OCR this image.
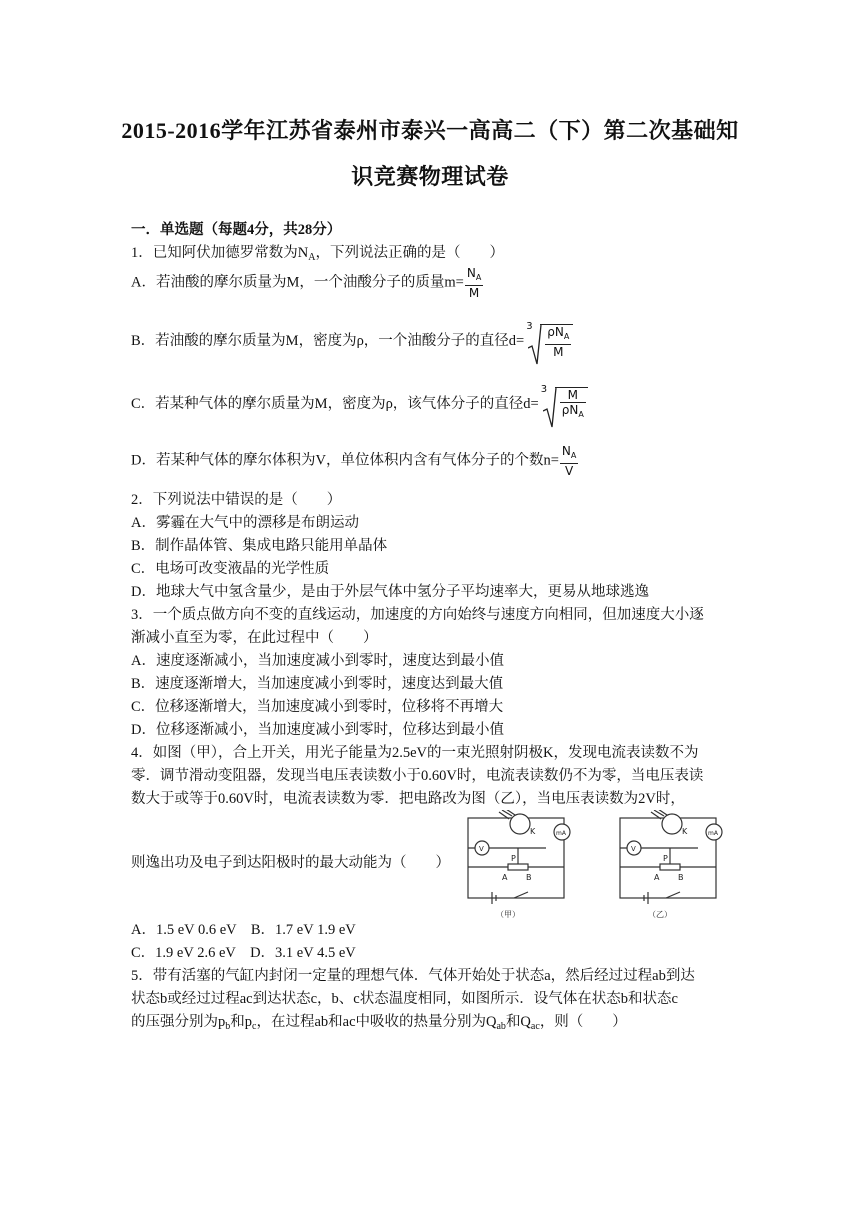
2015-2016学年江苏省泰州市泰兴一高高二（下）第二次基础知
识竞赛物理试卷
一．单选题（每题4分，共28分）
1．已知阿伏加德罗常数为$N_A$，下列说法正确的是（　　）
A．若油酸的摩尔质量为M，一个油酸分子的质量$m= \frac{N_A}{M}$
B．若油酸的摩尔质量为M，密度为ρ，一个油酸分子的直径d=
$3 \frac{\rho N_A}{M}$
C．若某种气体的摩尔质量为M，密度为ρ，该气体分子的直径d=
$3 \frac{M}{\rho N_A}$
D．若某种气体的摩尔体积为V，单位体积内含有气体分子的个数$n= \frac{N_A}{V}$
2．下列说法中错误的是（　　）
A．雾霾在大气中的漂移是布朗运动
B．制作晶体管、集成电路只能用单晶体
C．电场可改变液晶的光学性质
D．地球大气中氢含量少，是由于外层气体中氢分子平均速率大，更易从地球逃逸
3．一个质点做方向不变的直线运动，加速度的方向始终与速度方向相同，但加速度大小逐
渐减小直至为零，在此过程中（　　）
A．速度逐渐减小，当加速度减小到零时，速度达到最小值
B．速度逐渐增大，当加速度减小到零时，速度达到最大值
C．位移逐渐增大，当加速度减小到零时，位移将不再增大
D．位移逐渐减小，当加速度减小到零时，位移达到最小值
4．如图（甲），合上开关，用光子能量为2.5eV的一束光照射阴极K，发现电流表读数不为
零．调节滑动变阻器，发现当电压表读数小于0.60V时，电流表读数仍不为零，当电压表读
数大于或等于0.60V时，电流表读数为零．把电路改为图（乙），当电压表读数为2V时，
则逸出功及电子到达阳极时的最大动能为（　　）
K	mA
V
P
A B
（甲）
K	mA
V
P
A B
（乙）
A．1.5 eV 0.6 eV　B．1.7 eV 1.9 eV
C．1.9 eV 2.6 eV　D．3.1 eV 4.5 eV
5．带有活塞的气缸内封闭一定量的理想气体．气体开始处于状态a，然后经过过程ab到达
状态b或经过过程ac到达状态c，b、c状态温度相同，如图所示．设气体在状态b和状态c
的压强分别为$p_b$和$p_c$，在过程ab和ac中吸收的热量分别为$Q_{ab}$和$Q_{ac}$，则（　　）
